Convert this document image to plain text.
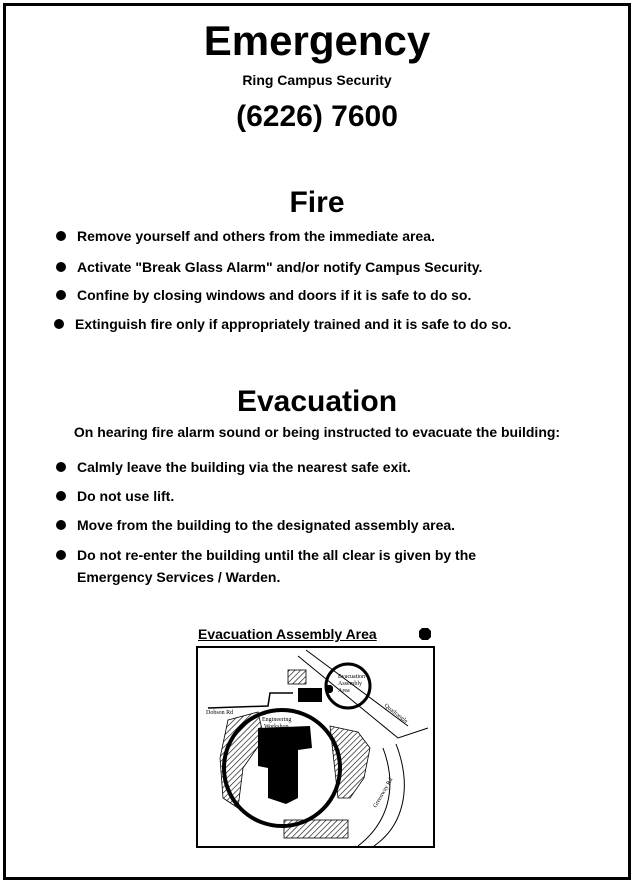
Emergency
Ring Campus Security
(6226) 7600
Fire
Remove yourself and others from the immediate area.
Activate "Break Glass Alarm" and/or notify Campus Security.
Confine by closing windows and doors if it is safe to do so.
Extinguish fire only if appropriately trained and it is safe to do so.
Evacuation
On hearing fire alarm sound or being instructed to evacuate the building:
Calmly leave the building via the nearest safe exit.
Do not use lift.
Move from the building to the designated assembly area.
Do not re-enter the building until the all clear is given by the
Emergency Services / Warden.
Evacuation Assembly Area
Evacuation
Assembly
Area
Engineering
Workshop
Dobson Rd	Quadrangle
Greenway Rd
